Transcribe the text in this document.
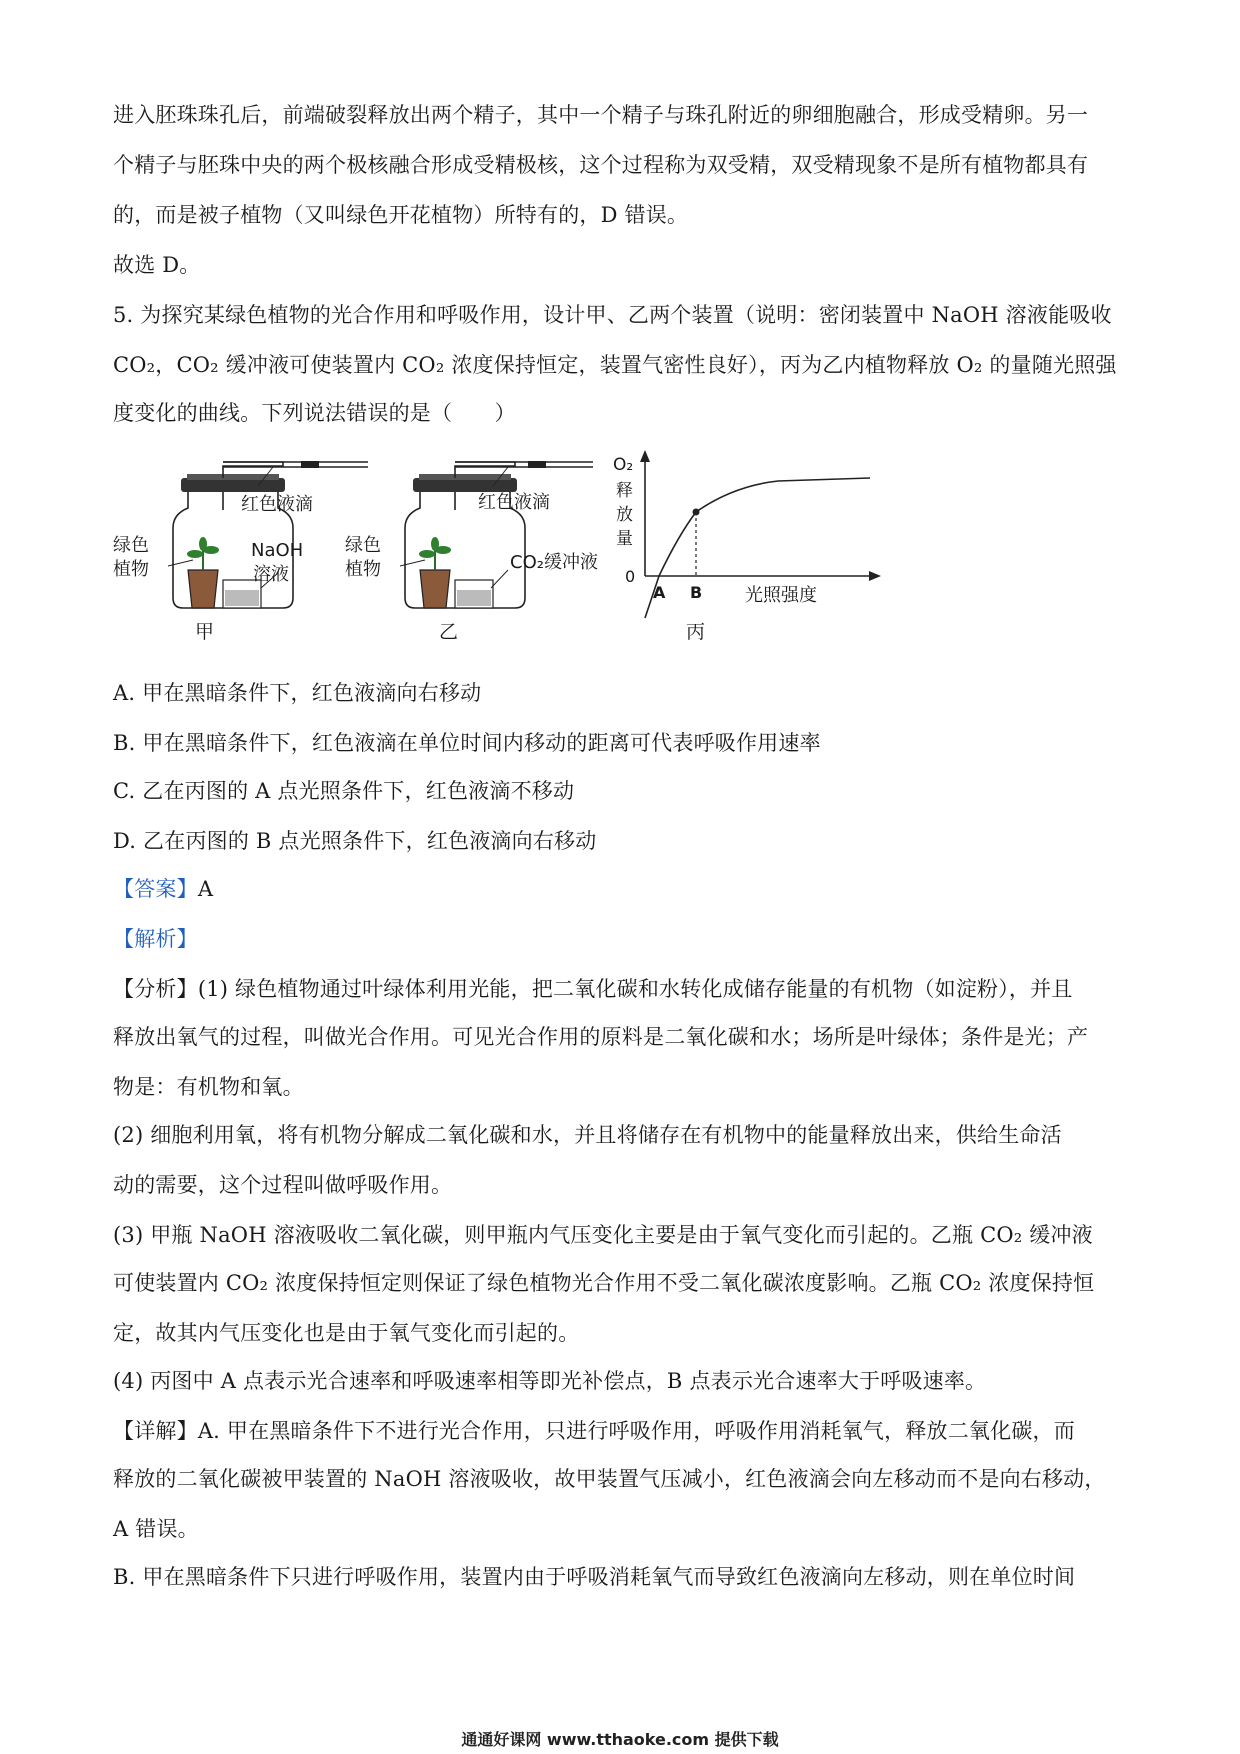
进入胚珠珠孔后，前端破裂释放出两个精子，其中一个精子与珠孔附近的卵细胞融合，形成受精卵。另一

个精子与胚珠中央的两个极核融合形成受精极核，这个过程称为双受精，双受精现象不是所有植物都具有

的，而是被子植物（又叫绿色开花植物）所特有的，D 错误。

故选 D。

5. 为探究某绿色植物的光合作用和呼吸作用，设计甲、乙两个装置（说明：密闭装置中 NaOH 溶液能吸收

CO₂，CO₂ 缓冲液可使装置内 CO₂ 浓度保持恒定，装置气密性良好），丙为乙内植物释放 O₂ 的量随光照强

度变化的曲线。下列说法错误的是（　　）

红色液滴
绿色
植物
NaOH
溶液
甲
红色液滴
绿色
植物	CO₂缓冲液
乙
O₂
释
放
量
0
A B 光照强度
丙

A. 甲在黑暗条件下，红色液滴向右移动

B. 甲在黑暗条件下，红色液滴在单位时间内移动的距离可代表呼吸作用速率

C. 乙在丙图的 A 点光照条件下，红色液滴不移动

D. 乙在丙图的 B 点光照条件下，红色液滴向右移动

【答案】A

【解析】

【分析】(1) 绿色植物通过叶绿体利用光能，把二氧化碳和水转化成储存能量的有机物（如淀粉），并且

释放出氧气的过程，叫做光合作用。可见光合作用的原料是二氧化碳和水；场所是叶绿体；条件是光；产

物是：有机物和氧。

(2) 细胞利用氧，将有机物分解成二氧化碳和水，并且将储存在有机物中的能量释放出来，供给生命活

动的需要，这个过程叫做呼吸作用。

(3) 甲瓶 NaOH 溶液吸收二氧化碳，则甲瓶内气压变化主要是由于氧气变化而引起的。乙瓶 CO₂ 缓冲液

可使装置内 CO₂ 浓度保持恒定则保证了绿色植物光合作用不受二氧化碳浓度影响。乙瓶 CO₂ 浓度保持恒

定，故其内气压变化也是由于氧气变化而引起的。

(4) 丙图中 A 点表示光合速率和呼吸速率相等即光补偿点，B 点表示光合速率大于呼吸速率。

【详解】A. 甲在黑暗条件下不进行光合作用，只进行呼吸作用，呼吸作用消耗氧气，释放二氧化碳，而

释放的二氧化碳被甲装置的 NaOH 溶液吸收，故甲装置气压减小，红色液滴会向左移动而不是向右移动，

A 错误。

B. 甲在黑暗条件下只进行呼吸作用，装置内由于呼吸消耗氧气而导致红色液滴向左移动，则在单位时间

通通好课网 www.tthaoke.com 提供下载
